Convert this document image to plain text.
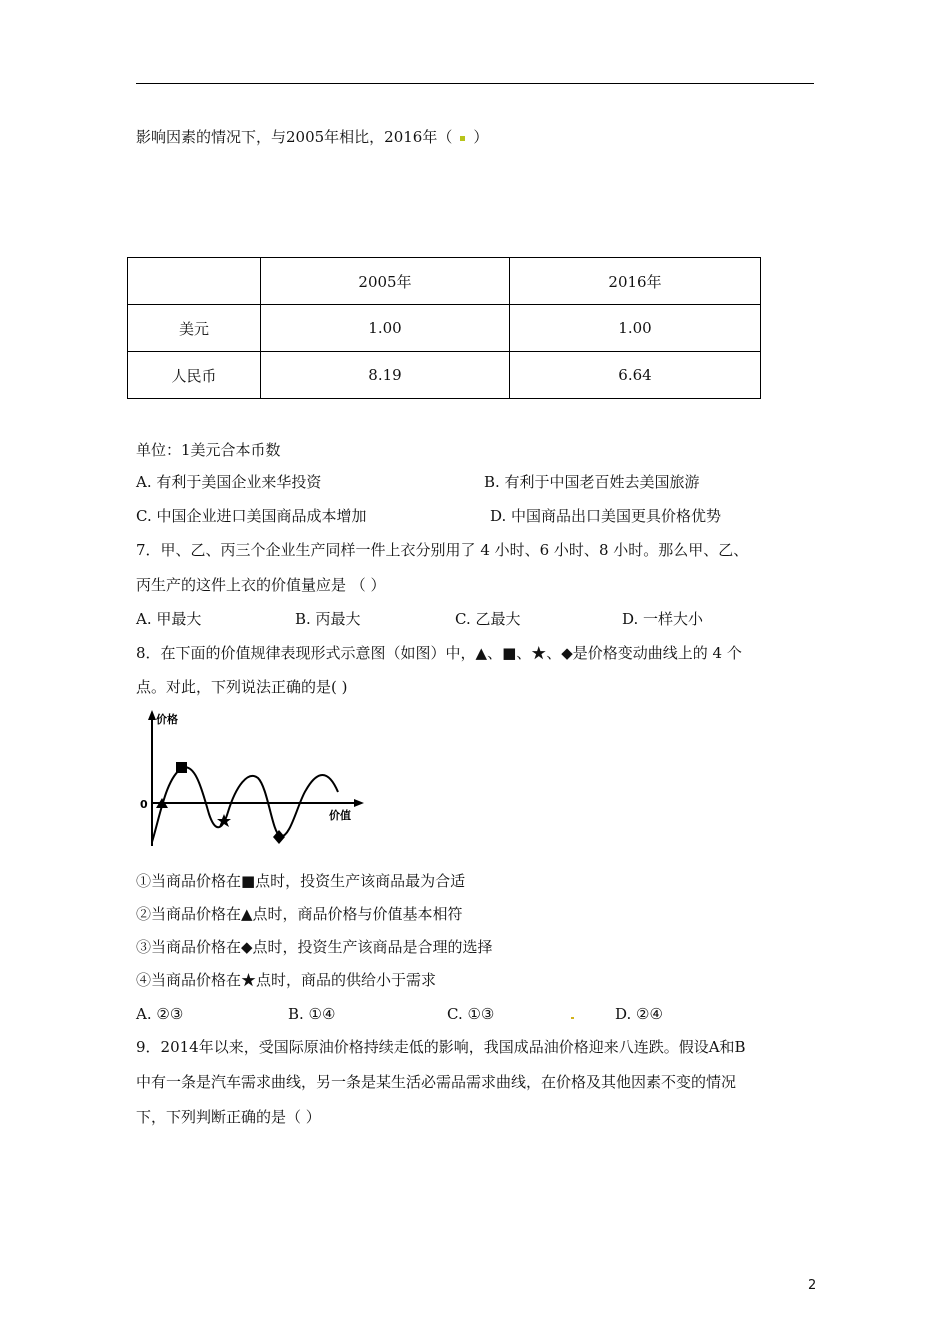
影响因素的情况下，与2005年相比，2016年（ ）
	2005年	2016年
美元	1.00	1.00
人民币	8.19	6.64
单位：1美元合本币数
A. 有利于美国企业来华投资	B. 有利于中国老百姓去美国旅游
C. 中国企业进口美国商品成本增加	D. 中国商品出口美国更具价格优势
7．甲、乙、丙三个企业生产同样一件上衣分别用了 4 小时、6 小时、8 小时。那么甲、乙、
丙生产的这件上衣的价值量应是 （ ）
A. 甲最大	B. 丙最大	C. 乙最大	D. 一样大小
8．在下面的价值规律表现形式示意图（如图）中，▲、■、★、◆是价格变动曲线上的 4 个
点。对此，下列说法正确的是( )
价格
价值
0
①当商品价格在■点时，投资生产该商品最为合适
②当商品价格在▲点时，商品价格与价值基本相符
③当商品价格在◆点时，投资生产该商品是合理的选择
④当商品价格在★点时，商品的供给小于需求
A. ②③	B. ①④	C. ①③	D. ②④
9．2014年以来，受国际原油价格持续走低的影响，我国成品油价格迎来八连跌。假设A和B
中有一条是汽车需求曲线，另一条是某生活必需品需求曲线，在价格及其他因素不变的情况
下，下列判断正确的是（ ）
2
